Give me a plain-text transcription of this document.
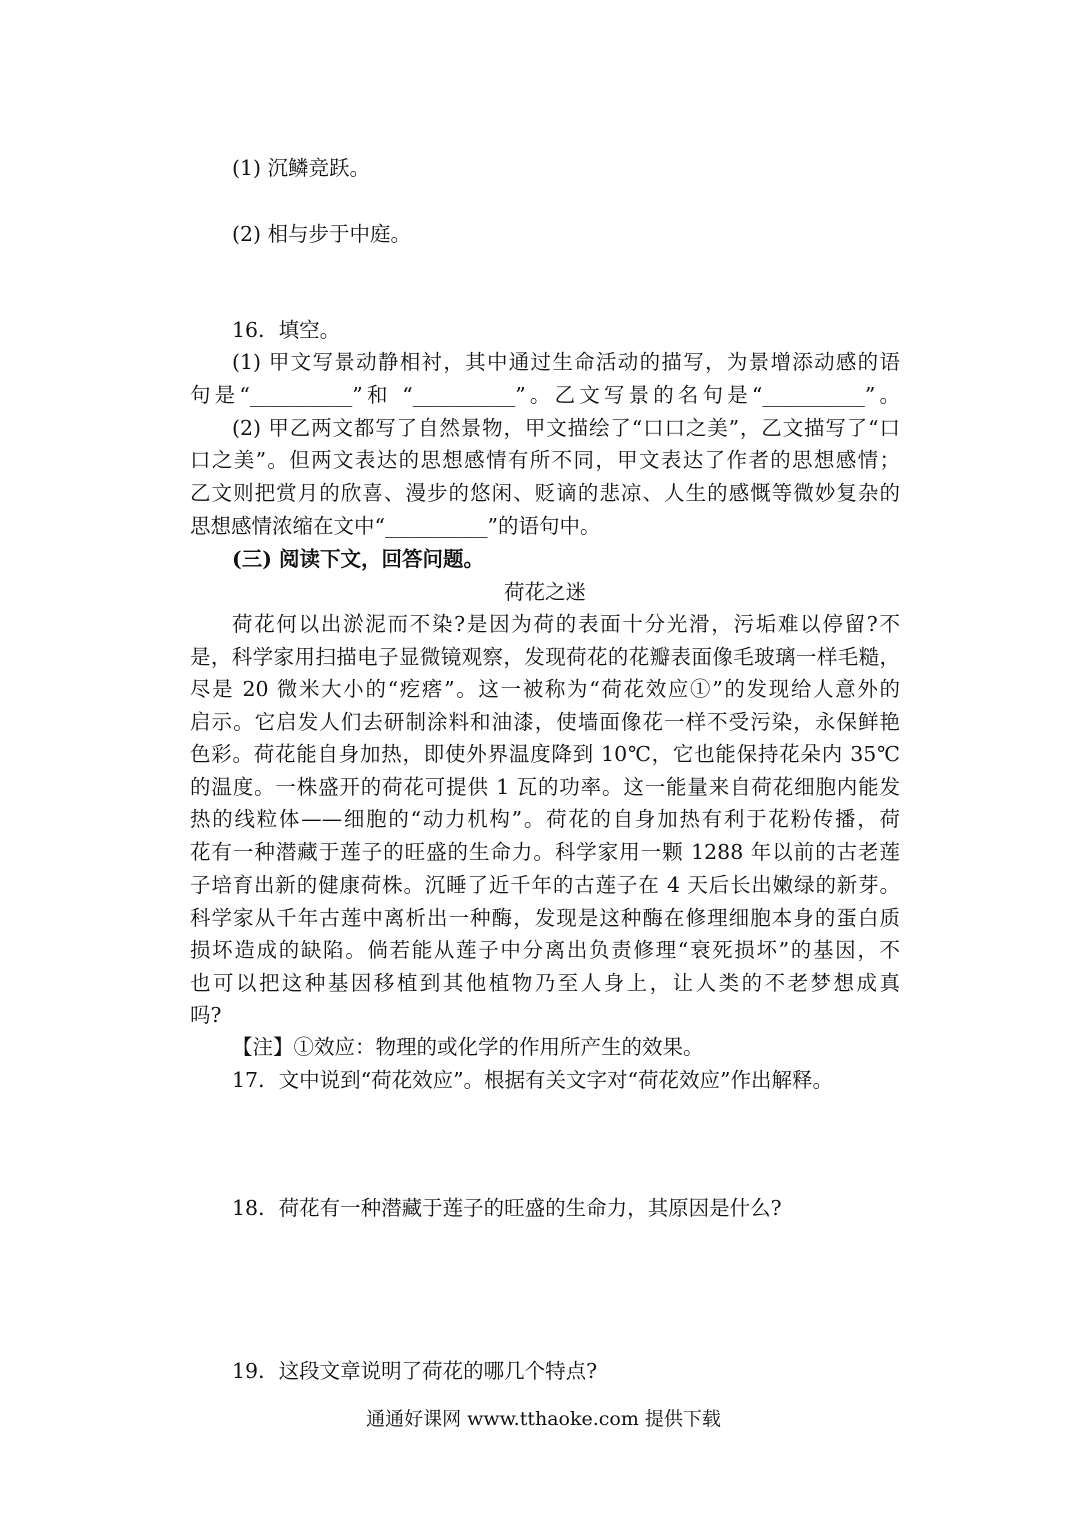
(1) 沉鳞竞跃。
(2) 相与步于中庭。
16．填空。
(1) 甲文写景动静相衬，其中通过生命活动的描写，为景增添动感的语
句是“__________”和 “__________”。乙文写景的名句是“__________”。
(2) 甲乙两文都写了自然景物，甲文描绘了“口口之美”，乙文描写了“口
口之美”。但两文表达的思想感情有所不同，甲文表达了作者的思想感情；
乙文则把赏月的欣喜、漫步的悠闲、贬谪的悲凉、人生的感慨等微妙复杂的
思想感情浓缩在文中“__________”的语句中。
(三) 阅读下文，回答问题。
荷花之迷
荷花何以出淤泥而不染?是因为荷的表面十分光滑，污垢难以停留?不
是，科学家用扫描电子显微镜观察，发现荷花的花瓣表面像毛玻璃一样毛糙，
尽是 20 微米大小的“疙瘩”。这一被称为“荷花效应①”的发现给人意外的
启示。它启发人们去研制涂料和油漆，使墙面像花一样不受污染，永保鲜艳
色彩。荷花能自身加热，即使外界温度降到 10℃，它也能保持花朵内 35℃
的温度。一株盛开的荷花可提供 1 瓦的功率。这一能量来自荷花细胞内能发
热的线粒体——细胞的“动力机构”。荷花的自身加热有利于花粉传播，荷
花有一种潜藏于莲子的旺盛的生命力。科学家用一颗 1288 年以前的古老莲
子培育出新的健康荷株。沉睡了近千年的古莲子在 4 天后长出嫩绿的新芽。
科学家从千年古莲中离析出一种酶，发现是这种酶在修理细胞本身的蛋白质
损坏造成的缺陷。倘若能从莲子中分离出负责修理“衰死损坏”的基因，不
也可以把这种基因移植到其他植物乃至人身上，让人类的不老梦想成真
吗?
【注】①效应：物理的或化学的作用所产生的效果。
17．文中说到“荷花效应”。根据有关文字对“荷花效应”作出解释。
18．荷花有一种潜藏于莲子的旺盛的生命力，其原因是什么?
19．这段文章说明了荷花的哪几个特点?
通通好课网 www.tthaoke.com 提供下载
